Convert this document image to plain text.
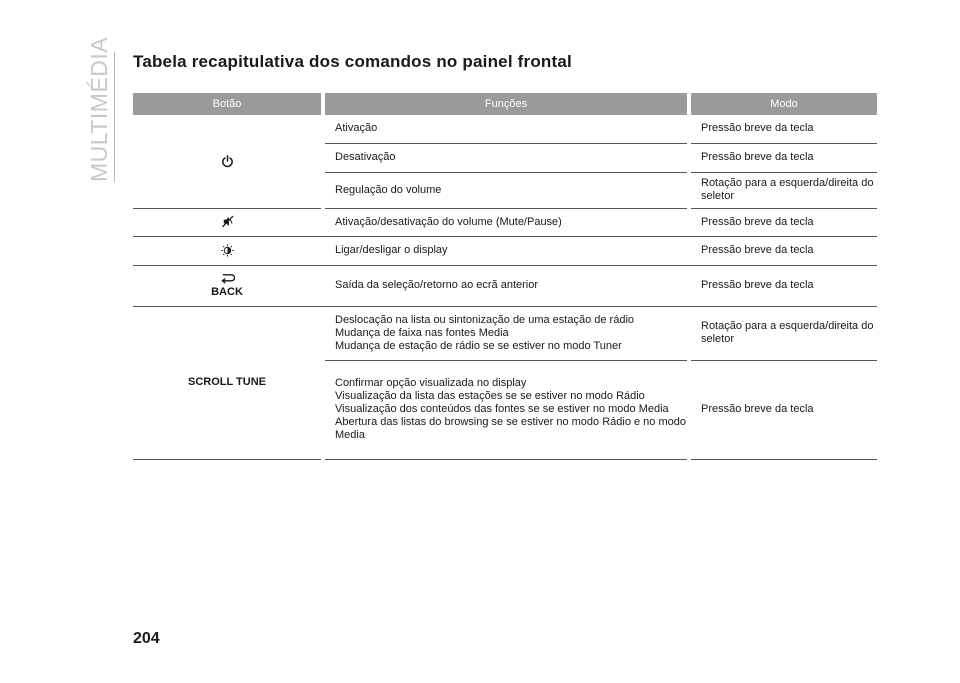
MULTIMÉDIA Tabela recapitulativa dos comandos no painel frontal
Botão		Funções		Modo
		Ativação		Pressão breve da tecla
		Desativação		Pressão breve da tecla
		Regulação do volume		Rotação para a esquerda/direita do seletor
		Ativação/desativação do volume (Mute/Pause)		Pressão breve da tecla
		Ligar/desligar o display		Pressão breve da tecla

BACK		Saída da seleção/retorno ao ecrã anterior		Pressão breve da tecla
SCROLL TUNE		Deslocação na lista ou sintonização de uma estação de rádio
Mudança de faixa nas fontes Media
Mudança de estação de rádio se se estiver no modo Tuner		Rotação para a esquerda/direita do seletor

		Confirmar opção visualizada no display
Visualização da lista das estações se se estiver no modo Rádio
Visualização dos conteúdos das fontes se se estiver no modo Media
Abertura das listas do browsing se se estiver no modo Rádio e no modo Media		Pressão breve da tecla
204
